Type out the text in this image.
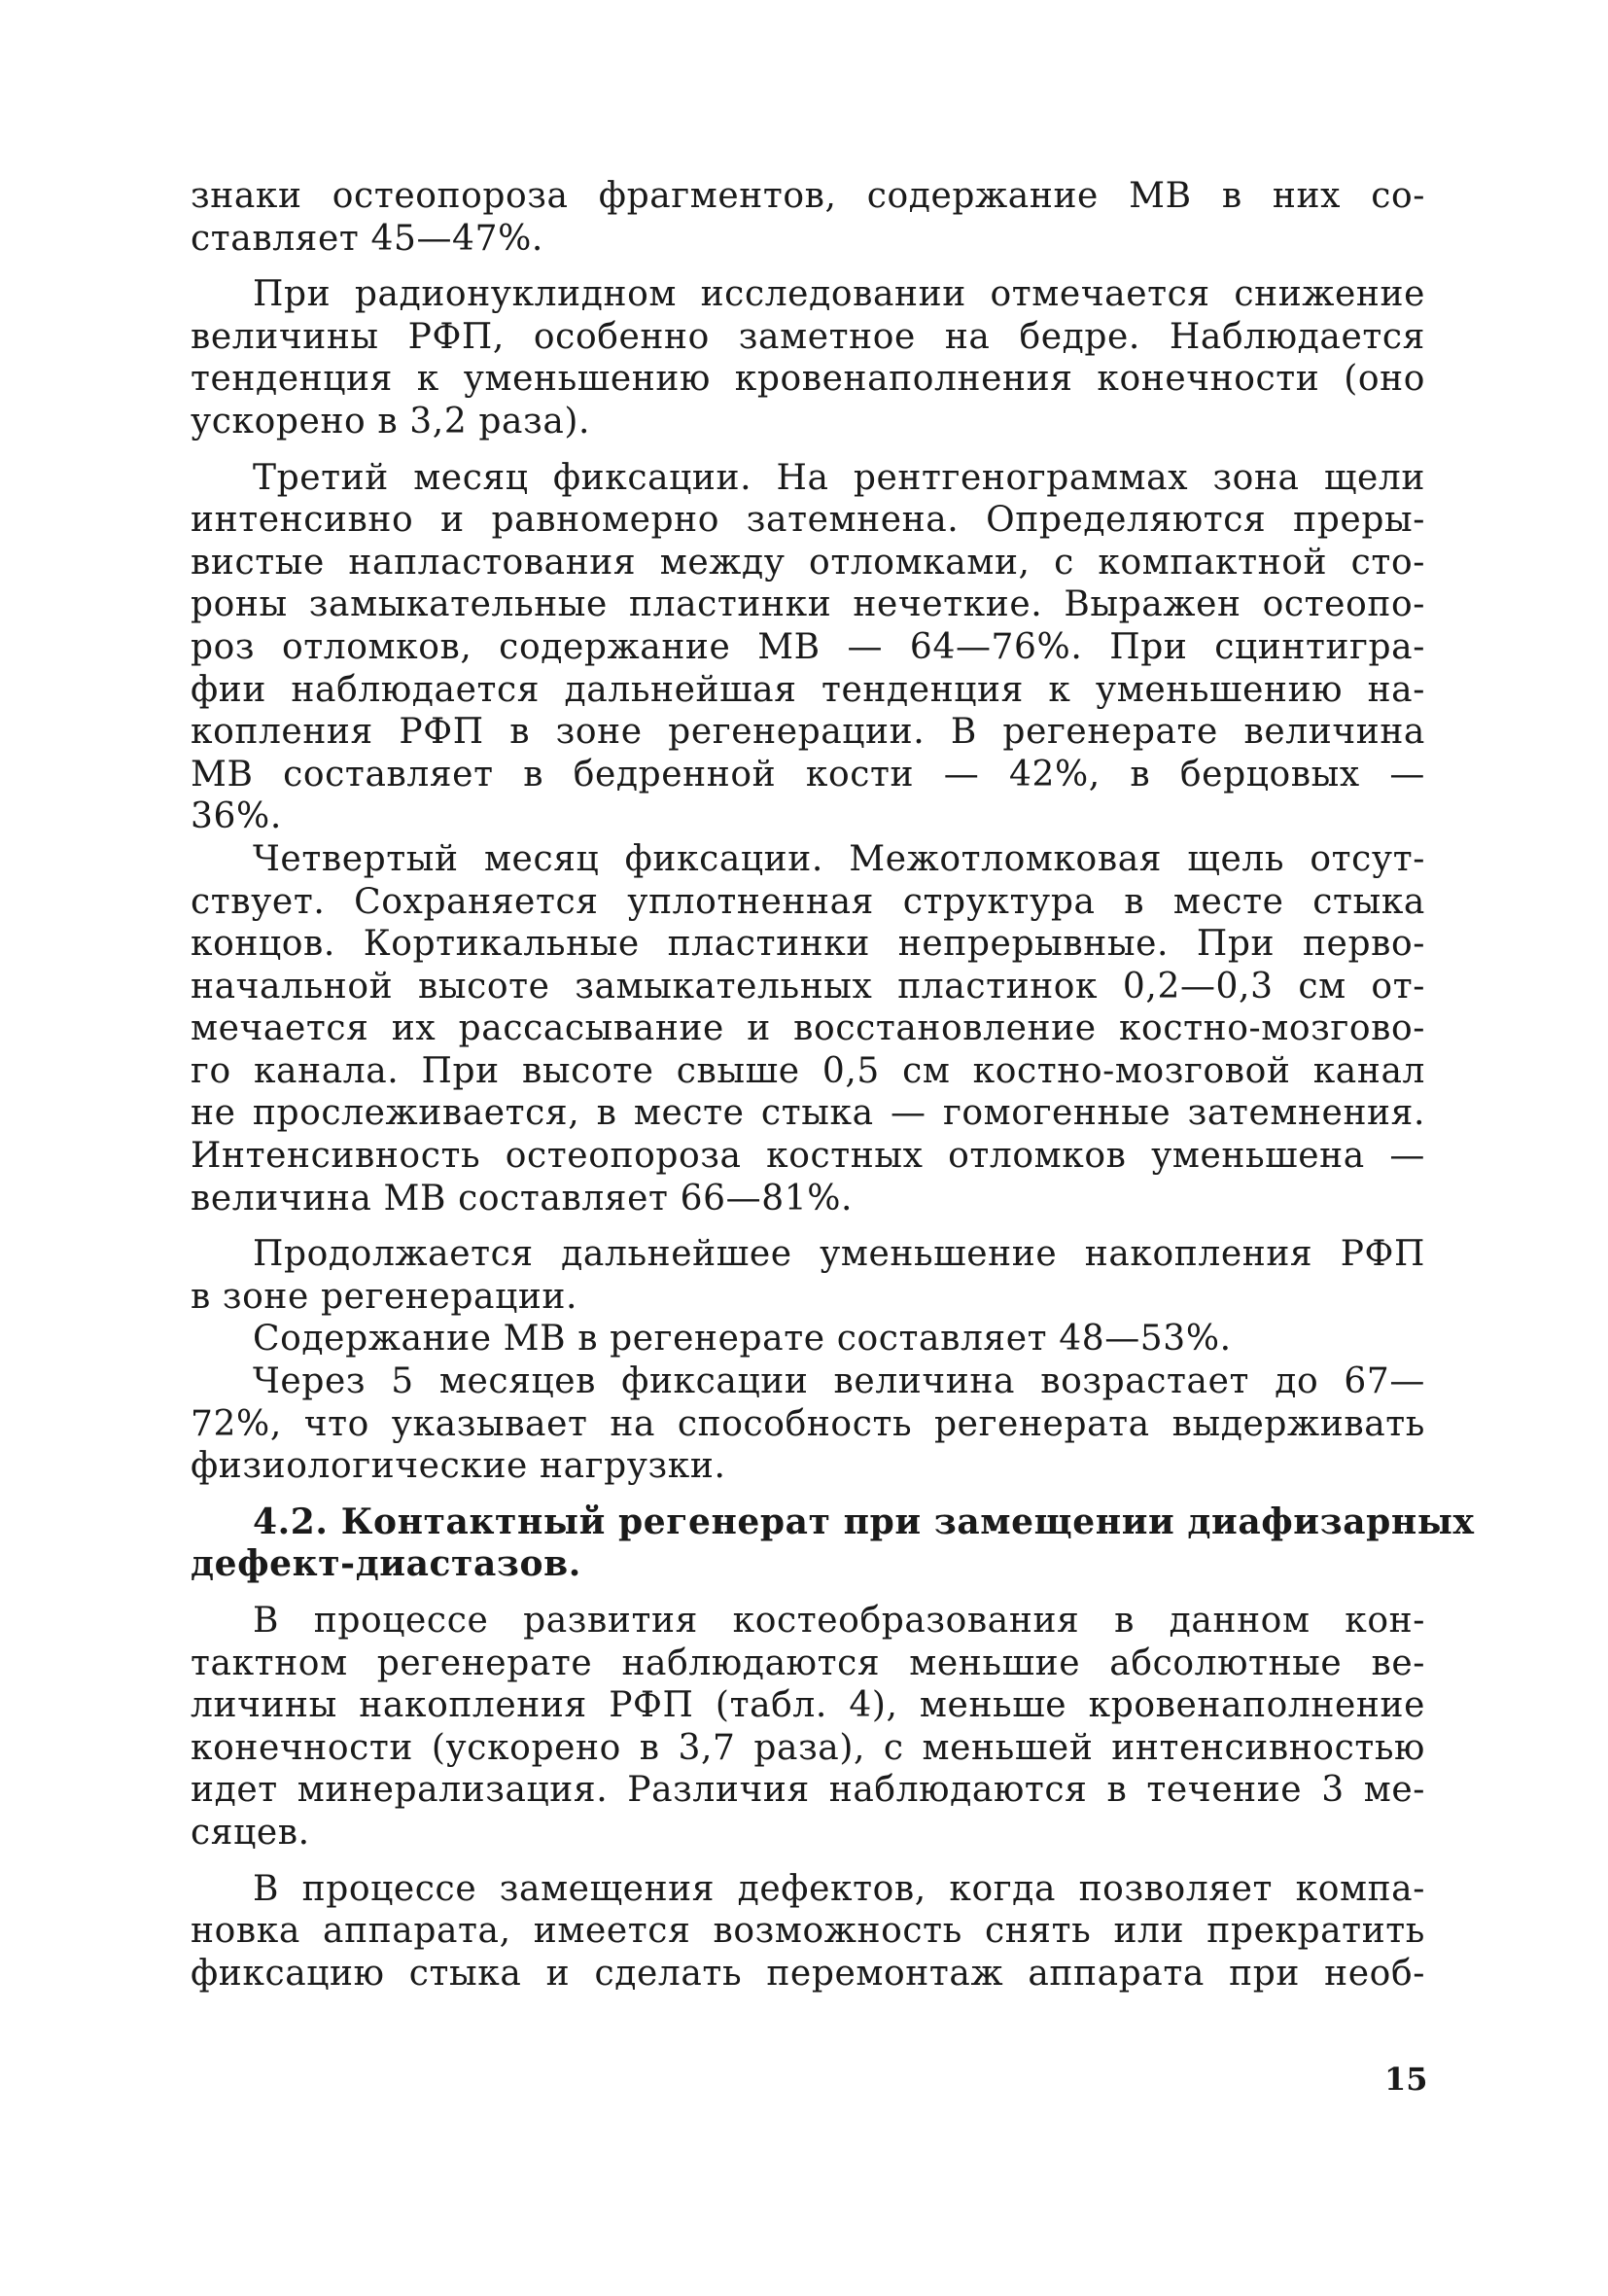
знаки остеопороза фрагментов, содержание МВ в них со-
ставляет 45—47%.
При радионуклидном исследовании отмечается снижение
величины РФП, особенно заметное на бедре. Наблюдается
тенденция к уменьшению кровенаполнения конечности (оно
ускорено в 3,2 раза).
Третий месяц фиксации. На рентгенограммах зона щели
интенсивно и равномерно затемнена. Определяются преры-
вистые напластования между отломками, с компактной сто-
роны замыкательные пластинки нечеткие. Выражен остеопо-
роз отломков, содержание МВ — 64—76%. При сцинтигра-
фии наблюдается дальнейшая тенденция к уменьшению на-
копления РФП в зоне регенерации. В регенерате величина
МВ составляет в бедренной кости — 42%, в берцовых —
36%.
Четвертый месяц фиксации. Межотломковая щель отсут-
ствует. Сохраняется уплотненная структура в месте стыка
концов. Кортикальные пластинки непрерывные. При перво-
начальной высоте замыкательных пластинок 0,2—0,3 см от-
мечается их рассасывание и восстановление костно-мозгово-
го канала. При высоте свыше 0,5 см костно-мозговой канал
не прослеживается, в месте стыка — гомогенные затемнения.
Интенсивность остеопороза костных отломков уменьшена —
величина МВ составляет 66—81%.
Продолжается дальнейшее уменьшение накопления РФП
в зоне регенерации.
Содержание МВ в регенерате составляет 48—53%.
Через 5 месяцев фиксации величина возрастает до 67—
72%, что указывает на способность регенерата выдерживать
физиологические нагрузки.
4.2. Контактный регенерат при замещении диафизарных
дефект-диастазов.
В процессе развития костеобразования в данном кон-
тактном регенерате наблюдаются меньшие абсолютные ве-
личины накопления РФП (табл. 4), меньше кровенаполнение
конечности (ускорено в 3,7 раза), с меньшей интенсивностью
идет минерализация. Различия наблюдаются в течение 3 ме-
сяцев.
В процессе замещения дефектов, когда позволяет компа-
новка аппарата, имеется возможность снять или прекратить
фиксацию стыка и сделать перемонтаж аппарата при необ-
15
